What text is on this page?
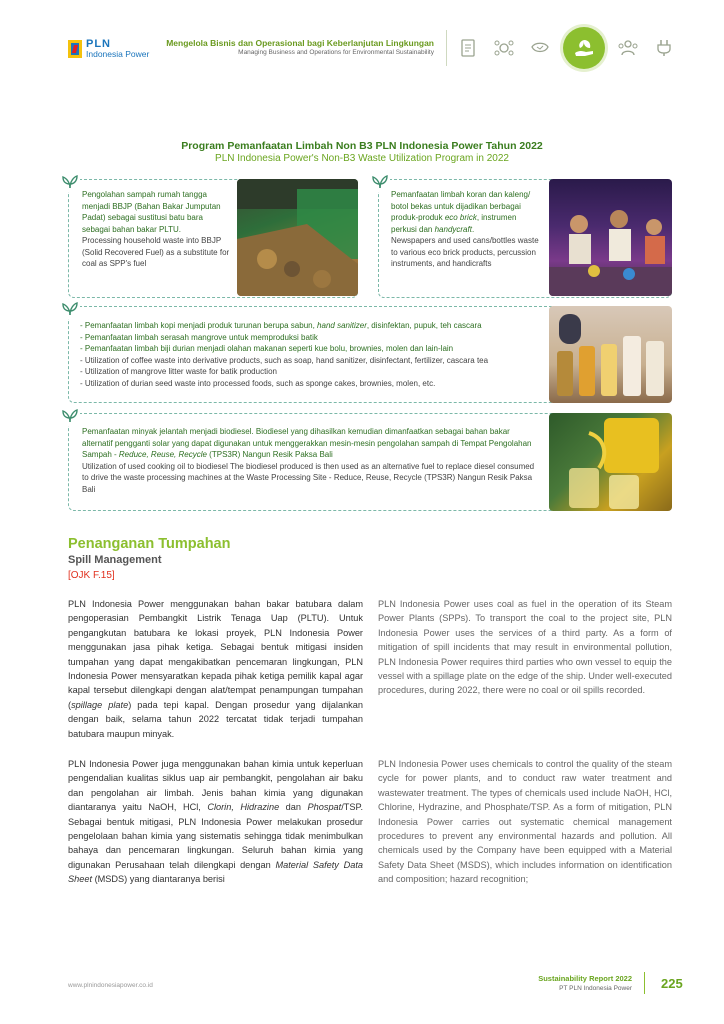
PLN
Indonesia Power
Mengelola Bisnis dan Operasional bagi Keberlanjutan Lingkungan
Managing Business and Operations for Environmental Sustainability
Program Pemanfaatan Limbah Non B3 PLN Indonesia Power Tahun 2022
PLN Indonesia Power's Non-B3 Waste Utilization Program in 2022
Pengolahan sampah rumah tangga menjadi BBJP (Bahan Bakar Jumputan Padat) sebagai sustitusi batu bara sebagai bahan bakar PLTU.
Processing household waste into BBJP (Solid Recovered Fuel) as a substitute for coal as SPP's fuel
Pemanfaatan limbah koran dan kaleng/ botol bekas untuk dijadikan berbagai produk-produk eco brick, instrumen perkusi dan handycraft.
Newspapers and used cans/bottles waste to various eco brick products, percussion instruments, and handicrafts
- Pemanfaatan limbah kopi menjadi produk turunan berupa sabun, hand sanitizer, disinfektan, pupuk, teh cascara
- Pemanfaatan limbah serasah mangrove untuk memproduksi batik
- Pemanfaatan limbah biji durian menjadi olahan makanan seperti kue bolu, brownies, molen dan lain-lain
- Utilization of coffee waste into derivative products, such as soap, hand sanitizer, disinfectant, fertilizer, cascara tea
- Utilization of mangrove litter waste for batik production
- Utilization of durian seed waste into processed foods, such as sponge cakes, brownies, molen, etc.
Pemanfaatan minyak jelantah menjadi biodiesel. Biodiesel yang dihasilkan kemudian dimanfaatkan sebagai bahan bakar alternatif pengganti solar yang dapat digunakan untuk menggerakkan mesin-mesin pengolahan sampah di Tempat Pengolahan Sampah - Reduce, Reuse, Recycle (TPS3R) Nangun Resik Paksa Bali
Utilization of used cooking oil to biodiesel The biodiesel produced is then used as an alternative fuel to replace diesel consumed to drive the waste processing machines at the Waste Processing Site - Reduce, Reuse, Recycle (TPS3R) Nangun Resik Paksa Bali
Penanganan Tumpahan
Spill Management
[OJK F.15]
PLN Indonesia Power menggunakan bahan bakar batubara dalam pengoperasian Pembangkit Listrik Tenaga Uap (PLTU). Untuk pengangkutan batubara ke lokasi proyek, PLN Indonesia Power menggunakan jasa pihak ketiga. Sebagai bentuk mitigasi insiden tumpahan yang dapat mengakibatkan pencemaran lingkungan, PLN Indonesia Power mensyaratkan kepada pihak ketiga pemilik kapal agar kapal tersebut dilengkapi dengan alat/tempat penampungan tumpahan (spillage plate) pada tepi kapal. Dengan prosedur yang dijalankan dengan baik, selama tahun 2022 tercatat tidak terjadi tumpahan batubara maupun minyak.
PLN Indonesia Power uses coal as fuel in the operation of its Steam Power Plants (SPPs). To transport the coal to the project site, PLN Indonesia Power uses the services of a third party. As a form of mitigation of spill incidents that may result in environmental pollution, PLN Indonesia Power requires third parties who own vessel to equip the vessel with a spillage plate on the edge of the ship. Under well-executed procedures, during 2022, there were no coal or oil spills recorded.
PLN Indonesia Power juga menggunakan bahan kimia untuk keperluan pengendalian kualitas siklus uap air pembangkit, pengolahan air baku dan pengolahan air limbah. Jenis bahan kimia yang digunakan diantaranya yaitu NaOH, HCl, Clorin, Hidrazine dan Phospat/TSP. Sebagai bentuk mitigasi, PLN Indonesia Power melakukan prosedur pengelolaan bahan kimia yang sistematis sehingga tidak menimbulkan bahaya dan pencemaran lingkungan. Seluruh bahan kimia yang digunakan Perusahaan telah dilengkapi dengan Material Safety Data Sheet (MSDS) yang diantaranya berisi
PLN Indonesia Power uses chemicals to control the quality of the steam cycle for power plants, and to conduct raw water treatment and wastewater treatment. The types of chemicals used include NaOH, HCl, Chlorine, Hydrazine, and Phosphate/TSP. As a form of mitigation, PLN Indonesia Power carries out systematic chemical management procedures to prevent any environmental hazards and pollution. All chemicals used by the Company have been equipped with a Material Safety Data Sheet (MSDS), which includes information on identification and composition; hazard recognition;
www.plnindonesiapower.co.id
Sustainability Report 2022
PT PLN Indonesia Power 225
